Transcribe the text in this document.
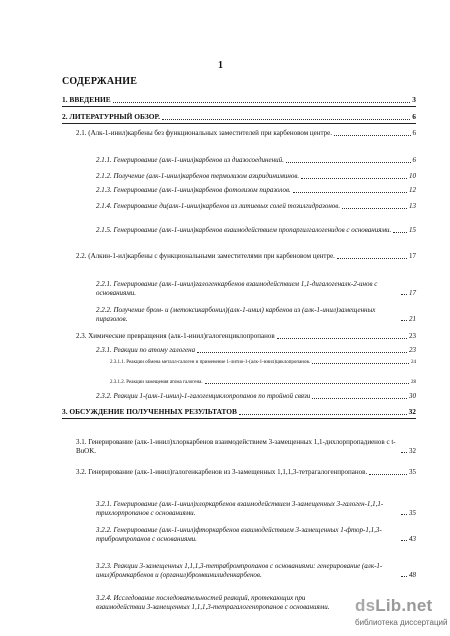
1
СОДЕРЖАНИЕ
1. ВВЕДЕНИЕ	3
2. ЛИТЕРАТУРНЫЙ ОБЗОР.	6
2.1. (Алк-1-инил)карбены без функциональных заместителей при карбеновом центре.	6
2.1.1. Генерирование (алк-1-инил)карбенов из диазосоединений.	6
2.1.2. Получение (алк-1-инил)карбенов термолизом азиридиниминов.	10
2.1.3. Генерирование (алк-1-инил)карбенов фотолизом пиразолов.	12
2.1.4. Генерирование ди(алк-1-инил)карбенов из литиевых солей тозилгидразонов.	13
2.1.5. Генерирование (алк-1-инил)карбенов взаимодействием пропаргилгалогенидов с основаниями.	15
2.2. (Алкин-1-ил)карбены с функциональными заместителями при карбеновом центре.	17
2.2.1. Генерирование (алк-1-инил)галогенкарбенов взаимодействием 1,1-дигалогеналк-2-инов с основаниями.	17
2.2.2. Получение бром- и (метоксикарбонил)(алк-1-инил) карбенов из (алк-1-инил)замещенных пиразолов.	21
2.3. Химические превращения (алк-1-инил)галогенциклопропанов	23
2.3.1. Реакции по атому галогена	23
2.3.1.1. Реакции обмена металл-галоген и применение 1-литио-1-(алк-1-инил)циклопропанов.	24
2.3.1.2. Реакции замещения атома галогена.	28
2.3.2. Реакции 1-(алк-1-инил)-1-галогенциклопропанов по тройной связи	30
3. ОБСУЖДЕНИЕ ПОЛУЧЕННЫХ РЕЗУЛЬТАТОВ	32
3.1. Генерирование (алк-1-инил)хлоркарбенов взаимодействием 3-замещенных 1,1-дихлорпропадиенов с t-BuOK.	32
3.2. Генерирование (алк-1-инил)галогенкарбенов из 3-замещенных 1,1,1,3-тетрагалогенпропанов.	35
3.2.1. Генерирование (алк-1-инил)хлоркарбенов взаимодействием 3-замещенных 3-галоген-1,1,1-трихлорпропанов с основаниями.	35
3.2.2. Генерирование (алк-1-инил)фторкарбенов взаимодействием 3-замещенных 1-фтор-1,1,3-трибромпропанов с основаниями.	43
3.2.3. Реакции 3-замещенных 1,1,1,3-тетрабромпропанов с основаниями: генерирование (алк-1-инил)бромкарбенов и (органил)бромвинилиденкарбенов.	48
3.2.4. Исследование последовательностей реакций, протекающих при взаимодействии 3-замещенных 1,1,1,3-тетрагалогенпропанов с основаниями.	dsLib.net
библиотека диссертаций
